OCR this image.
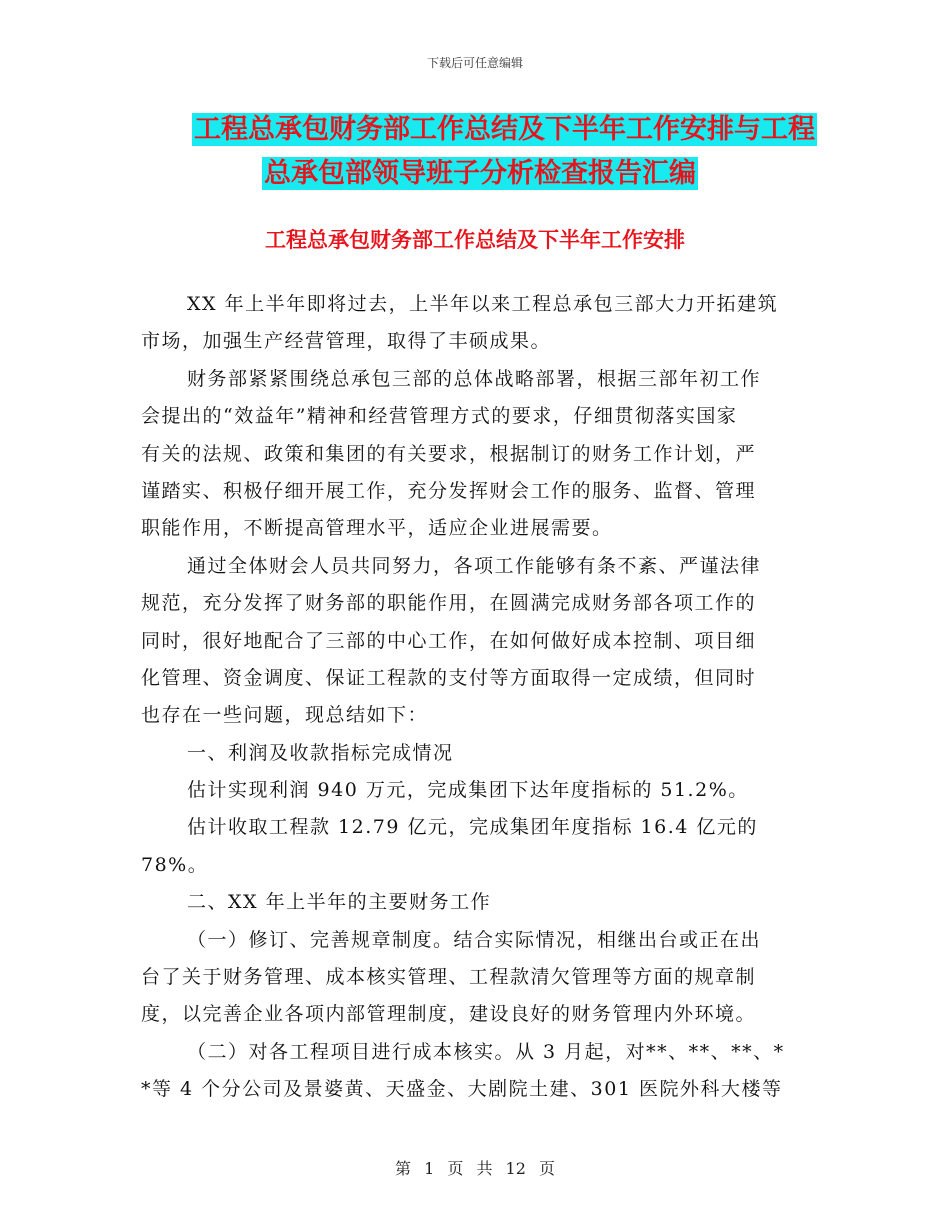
下载后可任意编辑
工程总承包财务部工作总结及下半年工作安排与工程
总承包部领导班子分析检查报告汇编
工程总承包财务部工作总结及下半年工作安排
XX 年上半年即将过去，上半年以来工程总承包三部大力开拓建筑
市场，加强生产经营管理，取得了丰硕成果。
财务部紧紧围绕总承包三部的总体战略部署，根据三部年初工作
会提出的“效益年”精神和经营管理方式的要求，仔细贯彻落实国家
有关的法规、政策和集团的有关要求，根据制订的财务工作计划，严
谨踏实、积极仔细开展工作，充分发挥财会工作的服务、监督、管理
职能作用，不断提高管理水平，适应企业进展需要。
通过全体财会人员共同努力，各项工作能够有条不紊、严谨法律
规范，充分发挥了财务部的职能作用，在圆满完成财务部各项工作的
同时，很好地配合了三部的中心工作，在如何做好成本控制、项目细
化管理、资金调度、保证工程款的支付等方面取得一定成绩，但同时
也存在一些问题，现总结如下：
一、利润及收款指标完成情况
估计实现利润 940 万元，完成集团下达年度指标的 51.2%。
估计收取工程款 12.79 亿元，完成集团年度指标 16.4 亿元的
78%。
二、XX 年上半年的主要财务工作
（一）修订、完善规章制度。结合实际情况，相继出台或正在出
台了关于财务管理、成本核实管理、工程款清欠管理等方面的规章制
度，以完善企业各项内部管理制度，建设良好的财务管理内外环境。
（二）对各工程项目进行成本核实。从 3 月起，对**、**、**、*
*等 4 个分公司及景婆黄、天盛金、大剧院土建、301 医院外科大楼等
第 1 页 共 12 页
